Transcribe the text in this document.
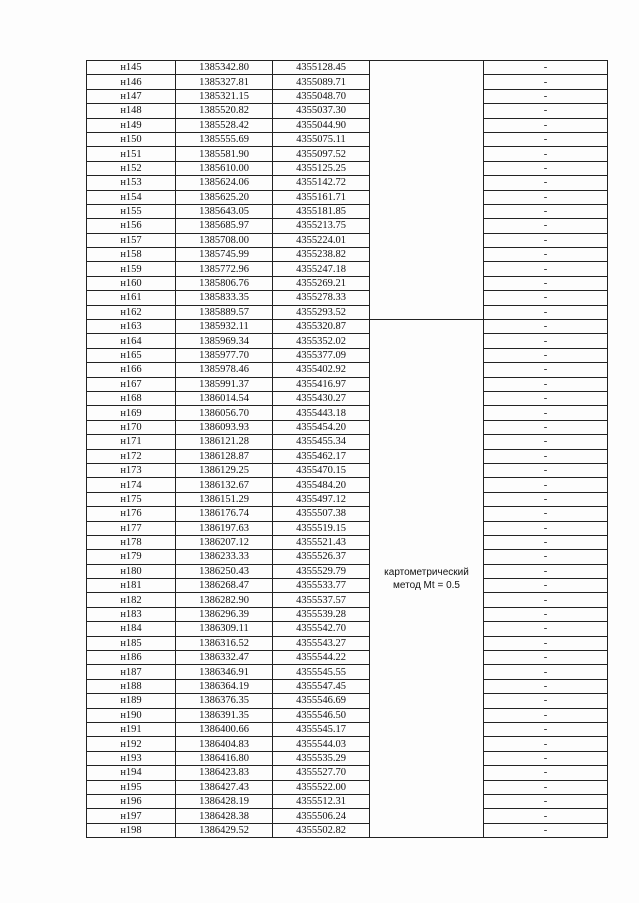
н145	1385342.80	4355128.45		-
н146	1385327.81	4355089.71		-
н147	1385321.15	4355048.70		-
н148	1385520.82	4355037.30		-
н149	1385528.42	4355044.90		-
н150	1385555.69	4355075.11		-
н151	1385581.90	4355097.52		-
н152	1385610.00	4355125.25		-
н153	1385624.06	4355142.72		-
н154	1385625.20	4355161.71		-
н155	1385643.05	4355181.85		-
н156	1385685.97	4355213.75		-
н157	1385708.00	4355224.01		-
н158	1385745.99	4355238.82		-
н159	1385772.96	4355247.18		-
н160	1385806.76	4355269.21		-
н161	1385833.35	4355278.33		-
н162	1385889.57	4355293.52		-
н163	1385932.11	4355320.87	картометрический
метод Mt = 0.5	-
н164	1385969.34	4355352.02		-
н165	1385977.70	4355377.09		-
н166	1385978.46	4355402.92		-
н167	1385991.37	4355416.97		-
н168	1386014.54	4355430.27		-
н169	1386056.70	4355443.18		-
н170	1386093.93	4355454.20		-
н171	1386121.28	4355455.34		-
н172	1386128.87	4355462.17		-
н173	1386129.25	4355470.15		-
н174	1386132.67	4355484.20		-
н175	1386151.29	4355497.12		-
н176	1386176.74	4355507.38		-
н177	1386197.63	4355519.15		-
н178	1386207.12	4355521.43		-
н179	1386233.33	4355526.37		-
н180	1386250.43	4355529.79		-
н181	1386268.47	4355533.77		-
н182	1386282.90	4355537.57		-
н183	1386296.39	4355539.28		-
н184	1386309.11	4355542.70		-
н185	1386316.52	4355543.27		-
н186	1386332.47	4355544.22		-
н187	1386346.91	4355545.55		-
н188	1386364.19	4355547.45		-
н189	1386376.35	4355546.69		-
н190	1386391.35	4355546.50		-
н191	1386400.66	4355545.17		-
н192	1386404.83	4355544.03		-
н193	1386416.80	4355535.29		-
н194	1386423.83	4355527.70		-
н195	1386427.43	4355522.00		-
н196	1386428.19	4355512.31		-
н197	1386428.38	4355506.24		-
н198	1386429.52	4355502.82		-
